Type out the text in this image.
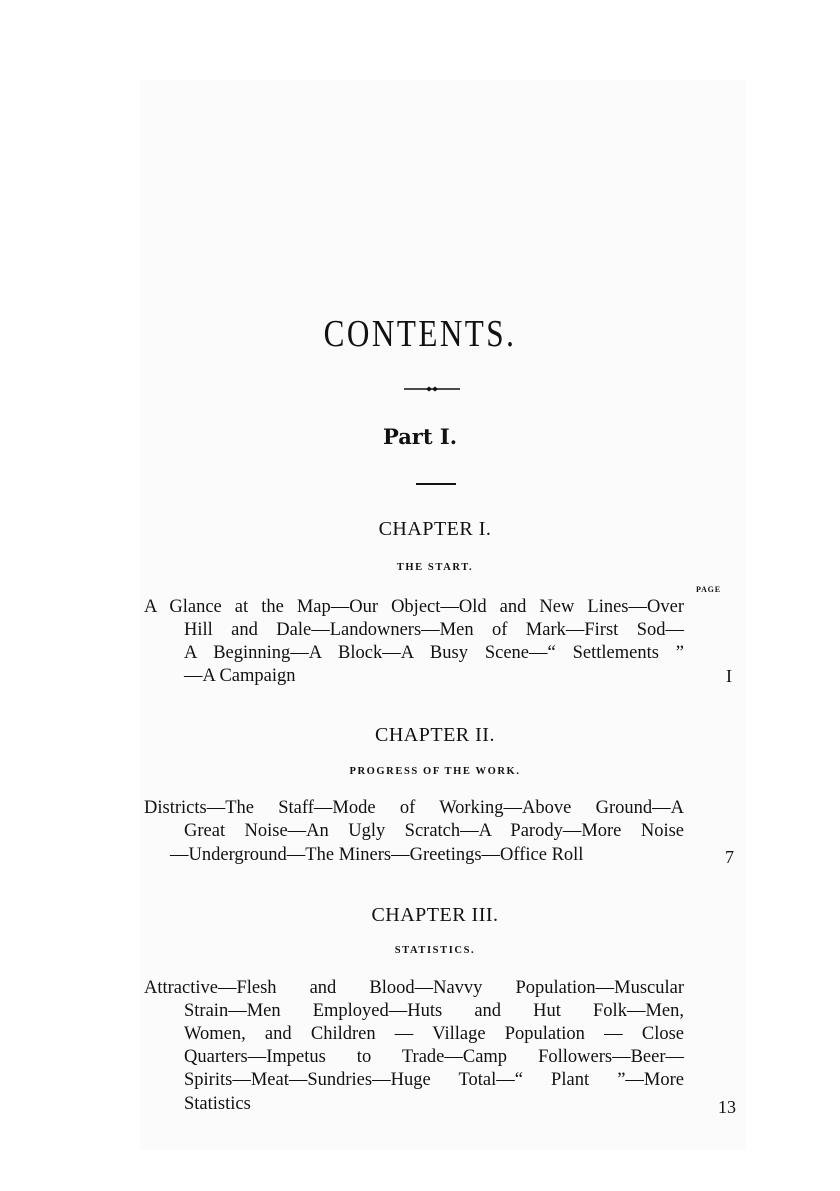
CONTENTS.
Part I.
CHAPTER I.
THE START.
PAGE

A Glance at the Map—Our Object—Old and New Lines—Over

Hill and Dale—Landowners—Men of Mark—First Sod—

A Beginning—A Block—A Busy Scene—“ Settlements ”

—A Campaign	I
CHAPTER II.
PROGRESS OF THE WORK.

Districts—The Staff—Mode of Working—Above Ground—A

Great Noise—An Ugly Scratch—A Parody—More Noise

—Underground—The Miners—Greetings—Office Roll	7
CHAPTER III.
STATISTICS.

Attractive—Flesh and Blood—Navvy Population—Muscular

Strain—Men Employed—Huts and Hut Folk—Men,

Women, and Children — Village Population — Close

Quarters—Impetus to Trade—Camp Followers—Beer—

Spirits—Meat—Sundries—Huge Total—“ Plant ”—More

Statistics	13
